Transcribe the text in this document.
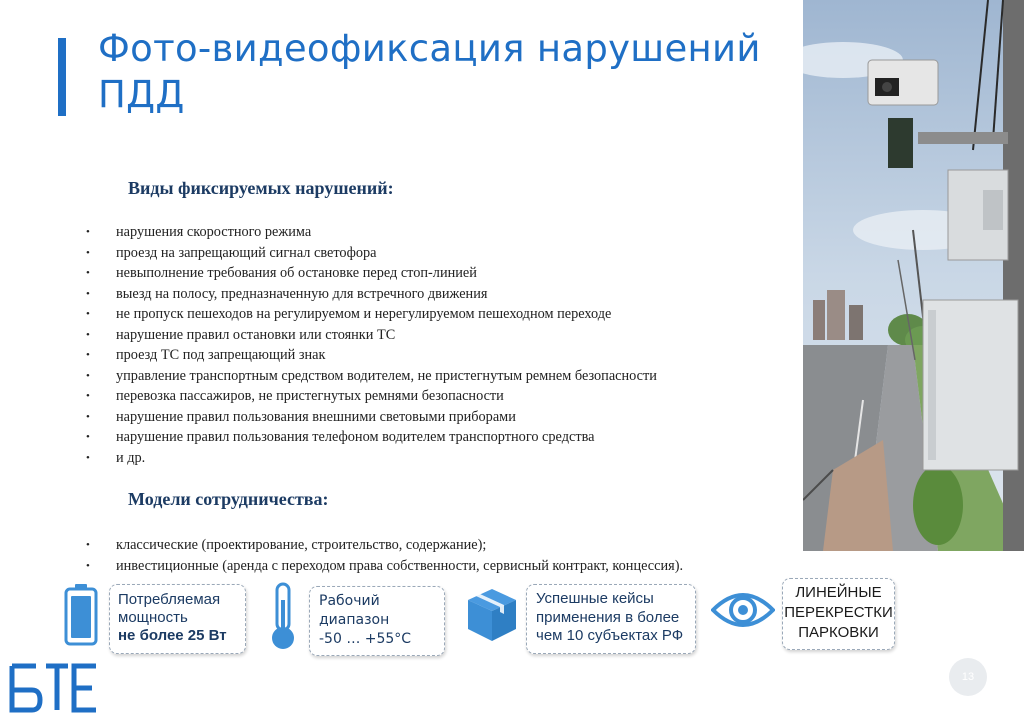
Фото-видеофиксация нарушений ПДД
Виды фиксируемых нарушений:
• нарушения скоростного режима
• проезд на запрещающий сигнал светофора
• невыполнение требования об остановке перед стоп-линией
• выезд на полосу, предназначенную для встречного движения
• не пропуск пешеходов на регулируемом и нерегулируемом пешеходном переходе
• нарушение правил остановки или стоянки ТС
• проезд ТС под запрещающий знак
• управление транспортным средством водителем, не пристегнутым ремнем безопасности
• перевозка пассажиров, не пристегнутых ремнями безопасности
• нарушение правил пользования внешними световыми приборами
• нарушение правил пользования телефоном водителем транспортного средства
• и др.
Модели сотрудничества:
• классические (проектирование, строительство, содержание);
• инвестиционные (аренда с переходом права собственности, сервисный контракт, концессия).
Потребляемая
мощность
не более 25 Вт
Рабочий
диапазон
-50 … +55°C
Успешные кейсы
применения в более
чем 10 субъектах РФ
ЛИНЕЙНЫЕ
ПЕРЕКРЕСТКИ
ПАРКОВКИ
13
